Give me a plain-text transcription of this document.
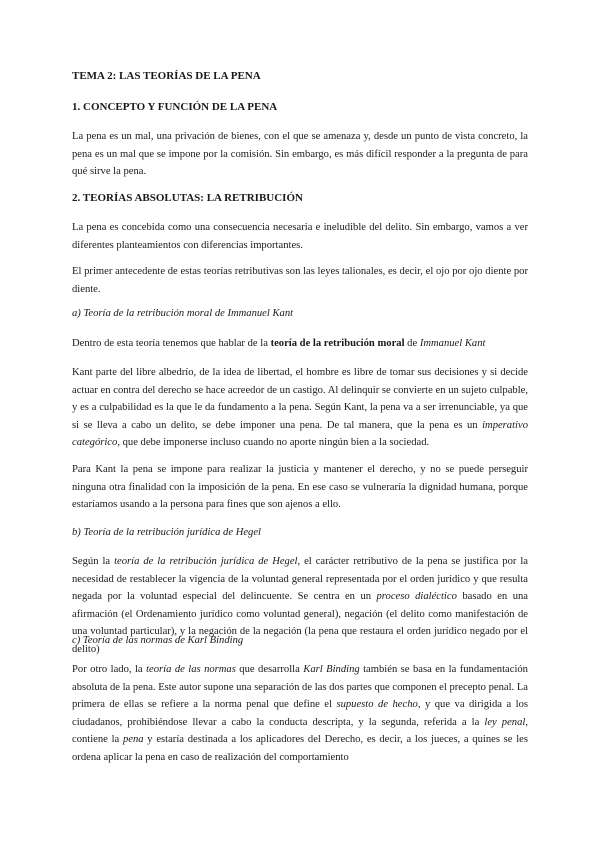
TEMA 2: LAS TEORÍAS DE LA PENA

1. CONCEPTO Y FUNCIÓN DE LA PENA

La pena es un mal, una privación de bienes, con el que se amenaza y, desde un punto de vista concreto, la pena es un mal que se impone por la comisión. Sin embargo, es más difícil responder a la pregunta de para qué sirve la pena.

2. TEORÍAS ABSOLUTAS: LA RETRIBUCIÓN

La pena es concebida como una consecuencia necesaria e ineludible del delito. Sin embargo, vamos a ver diferentes planteamientos con diferencias importantes.

El primer antecedente de estas teorías retributivas son las leyes talionales, es decir, el ojo por ojo diente por diente.

a) Teoría de la retribución moral de Immanuel Kant

Dentro de esta teoría tenemos que hablar de la teoría de la retribución moral de Immanuel Kant

Kant parte del libre albedrío, de la idea de libertad, el hombre es libre de tomar sus decisiones y si decide actuar en contra del derecho se hace acreedor de un castigo. Al delinquir se convierte en un sujeto culpable, y es a culpabilidad es la que le da fundamento a la pena. Según Kant, la pena va a ser irrenunciable, ya que si se lleva a cabo un delito, se debe imponer una pena. De tal manera, que la pena es un imperativo categórico, que debe imponerse incluso cuando no aporte ningún bien a la sociedad.

Para Kant la pena se impone para realizar la justicia y mantener el derecho, y no se puede perseguir ninguna otra finalidad con la imposición de la pena. En ese caso se vulneraría la dignidad humana, porque estaríamos usando a la persona para fines que son ajenos a ello.

b) Teoría de la retribución jurídica de Hegel

Según la teoría de la retribución jurídica de Hegel, el carácter retributivo de la pena se justifica por la necesidad de restablecer la vigencia de la voluntad general representada por el orden jurídico y que resulta negada por la voluntad especial del delincuente. Se centra en un proceso dialéctico basado en una afirmación (el Ordenamiento jurídico como voluntad general), negación (el delito como manifestación de una voluntad particular), y la negación de la negación (la pena que restaura el orden jurídico negado por el delito)

c) Teoría de las normas de Karl Binding

Por otro lado, la teoría de las normas que desarrolla Karl Binding también se basa en la fundamentación absoluta de la pena. Este autor supone una separación de las dos partes que componen el precepto penal. La primera de ellas se refiere a la norma penal que define el supuesto de hecho, y que va dirigida a los ciudadanos, prohibiéndose llevar a cabo la conducta descripta, y la segunda, referida a la ley penal, contiene la pena y estaría destinada a los aplicadores del Derecho, es decir, a los jueces, a quines se les ordena aplicar la pena en caso de realización del comportamiento
